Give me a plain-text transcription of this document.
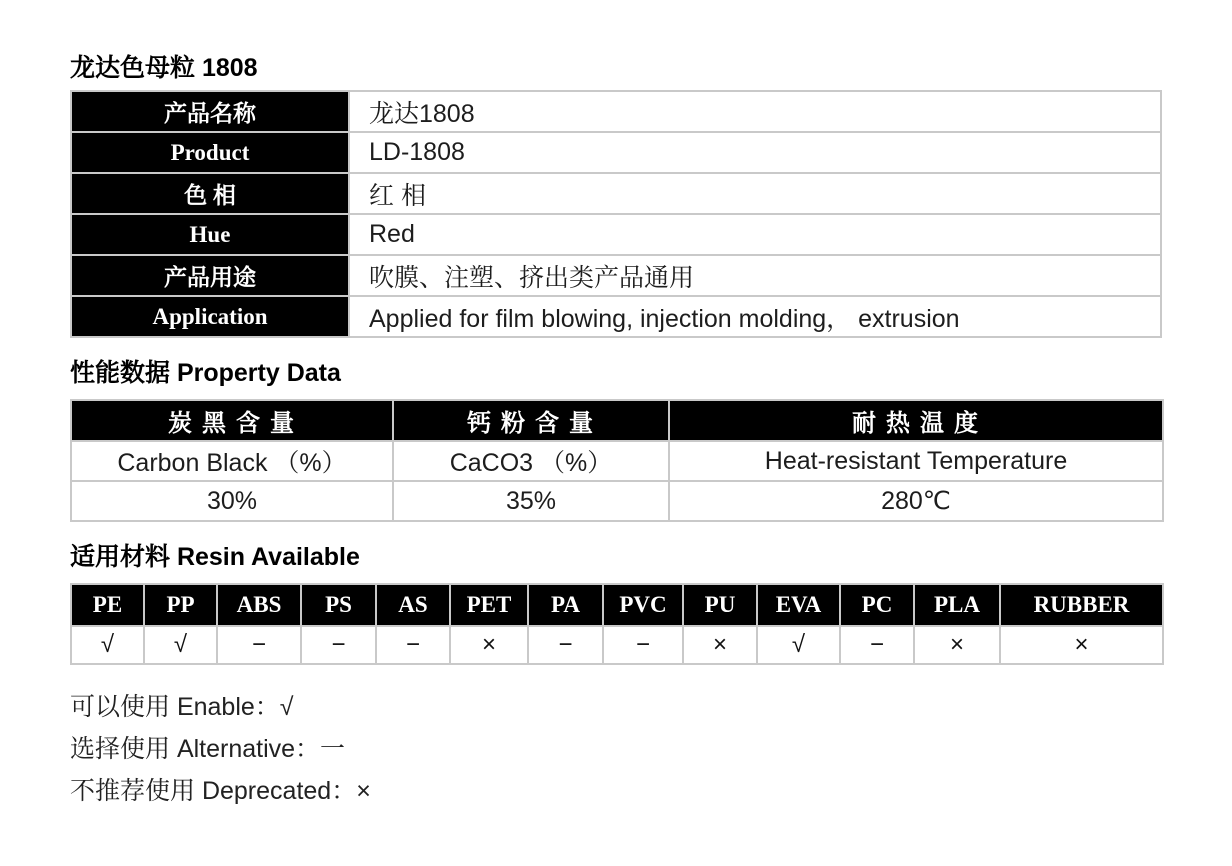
龙达色母粒 1808
产品名称	龙达1808
Product	LD-1808
色 相	红 相
Hue	Red
产品用途	吹膜、注塑、挤出类产品通用
Application	Applied for film blowing, injection molding， extrusion
性能数据 Property Data
炭 黑 含 量	钙 粉 含 量	耐 热 温 度
Carbon Black （%）	CaCO3 （%）	Heat-resistant Temperature
30%	35%	280℃
适用材料 Resin Available
PE	PP	ABS	PS	AS	PET	PA	PVC	PU	EVA	PC	PLA	RUBBER
√	√	−	−	−	×	−	−	×	√	−	×	×
可以使用 Enable：√
选择使用 Alternative：一
不推荐使用 Deprecated：×
